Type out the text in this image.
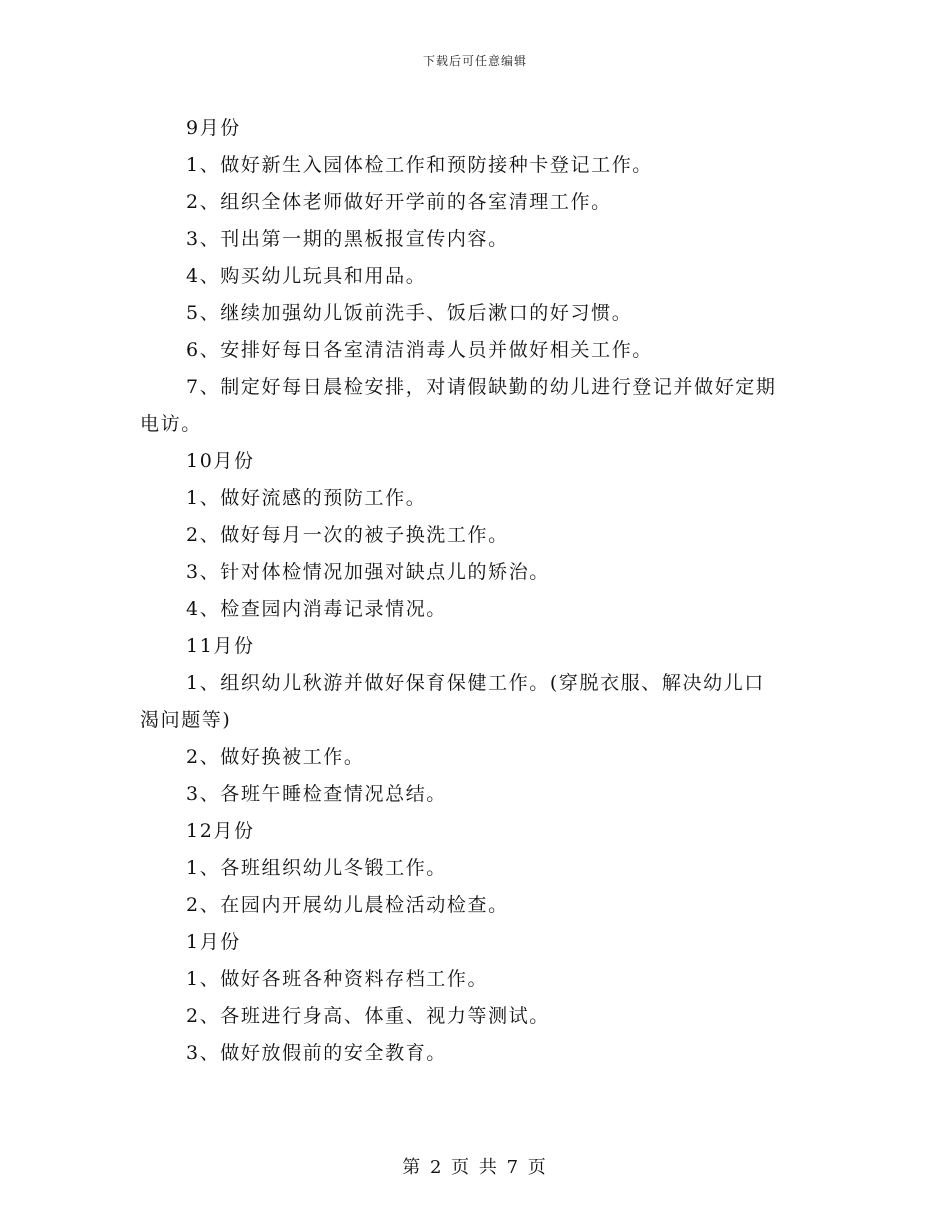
下载后可任意编辑
9月份
1、做好新生入园体检工作和预防接种卡登记工作。
2、组织全体老师做好开学前的各室清理工作。
3、刊出第一期的黑板报宣传内容。
4、购买幼儿玩具和用品。
5、继续加强幼儿饭前洗手、饭后漱口的好习惯。
6、安排好每日各室清洁消毒人员并做好相关工作。
7、制定好每日晨检安排，对请假缺勤的幼儿进行登记并做好定期
电访。
10月份
1、做好流感的预防工作。
2、做好每月一次的被子换洗工作。
3、针对体检情况加强对缺点儿的矫治。
4、检查园内消毒记录情况。
11月份
1、组织幼儿秋游并做好保育保健工作。(穿脱衣服、解决幼儿口
渴问题等)
2、做好换被工作。
3、各班午睡检查情况总结。
12月份
1、各班组织幼儿冬锻工作。
2、在园内开展幼儿晨检活动检查。
1月份
1、做好各班各种资料存档工作。
2、各班进行身高、体重、视力等测试。
3、做好放假前的安全教育。
第 2 页 共 7 页
